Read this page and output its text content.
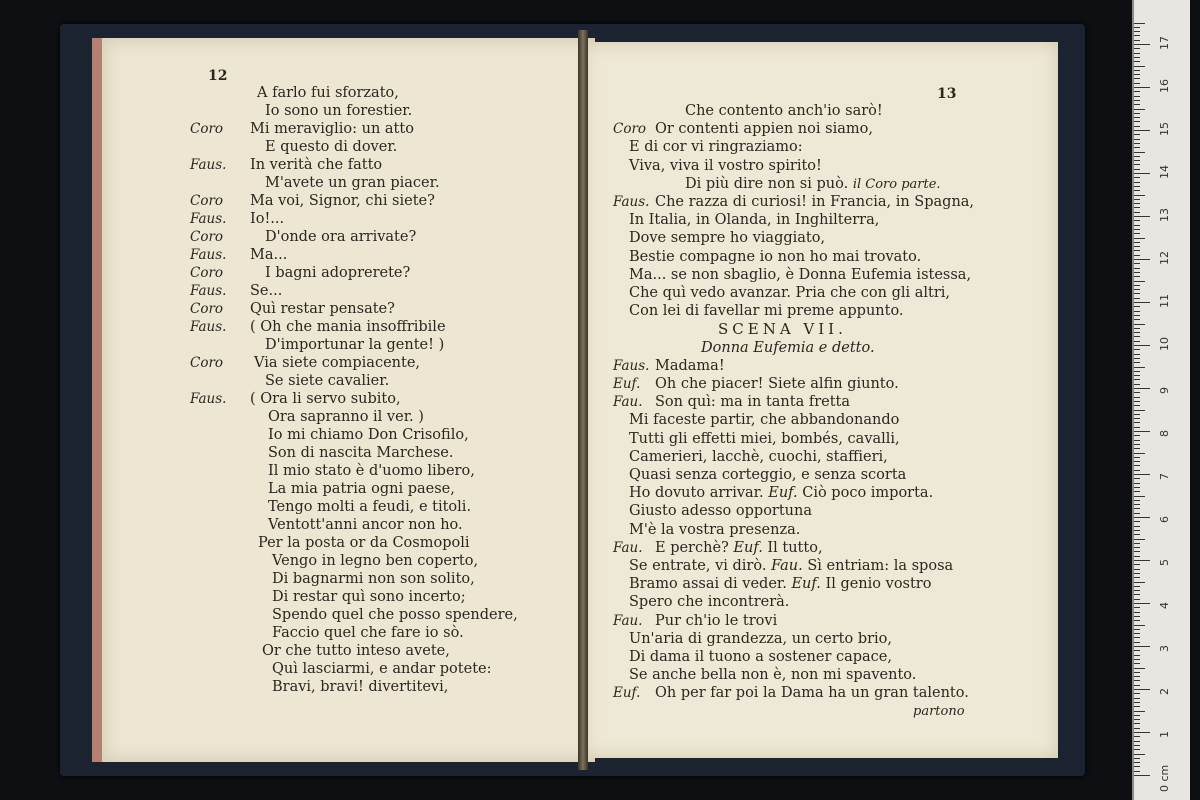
12
A farlo fui sforzato,
Io sono un forestier.
Coro Mi meraviglio: un atto
E questo di dover.
Faus. In verità che fatto
M'avete un gran piacer.
Coro Ma voi, Signor, chi siete?
Faus. Io!...
Coro	D'onde ora arrivate?
Faus. Ma...
Coro	I bagni adoprerete?
Faus. Se...
Coro Quì restar pensate?
Faus. ( Oh che mania insoffribile
D'importunar la gente! )
Coro Via siete compiacente,
Se siete cavalier.
Faus. ( Ora li servo subito,
Ora sapranno il ver. )
Io mi chiamo Don Crisofilo,
Son di nascita Marchese.
Il mio stato è d'uomo libero,
La mia patria ogni paese,
Tengo molti a feudi, e titoli.
Ventott'anni ancor non ho.
Per la posta or da Cosmopoli
Vengo in legno ben coperto,
Di bagnarmi non son solito,
Di restar quì sono incerto;
Spendo quel che posso spendere,
Faccio quel che fare io sò.
Or che tutto inteso avete,
Quì lasciarmi, e andar potete:
Bravi, bravi! divertitevi,
13
Che contento anch'io sarò!
Coro Or contenti appien noi siamo,
E di cor vi ringraziamo:
Viva, viva il vostro spirito!
Di più dire non si può. il Coro parte.
Faus. Che razza di curiosi! in Francia, in Spagna,
In Italia, in Olanda, in Inghilterra,
Dove sempre ho viaggiato,
Bestie compagne io non ho mai trovato.
Ma... se non sbaglio, è Donna Eufemia istessa,
Che quì vedo avanzar. Pria che con gli altri,
Con lei di favellar mi preme appunto.
SCENA VII.
Donna Eufemia e detto.
Faus. Madama!
Euf. Oh che piacer! Siete alfin giunto.
Fau. Son quì: ma in tanta fretta
Mi faceste partir, che abbandonando
Tutti gli effetti miei, bombés, cavalli,
Camerieri, lacchè, cuochi, staffieri,
Quasi senza corteggio, e senza scorta
Ho dovuto arrivar. Euf. Ciò poco importa.
Giusto adesso opportuna
M'è la vostra presenza.
Fau. E perchè? Euf. Il tutto,
Se entrate, vi dirò. Fau. Sì entriam: la sposa
Bramo assai di veder. Euf. Il genio vostro
Spero che incontrerà.
Fau. Pur ch'io le trovi
Un'aria di grandezza, un certo brio,
Di dama il tuono a sostener capace,
Se anche bella non è, non mi spavento.
Euf. Oh per far poi la Dama ha un gran talento.
partono
0 cm
1
2
3
4
5
6
7
8
9
10
11
12
13
14
15
16
17
